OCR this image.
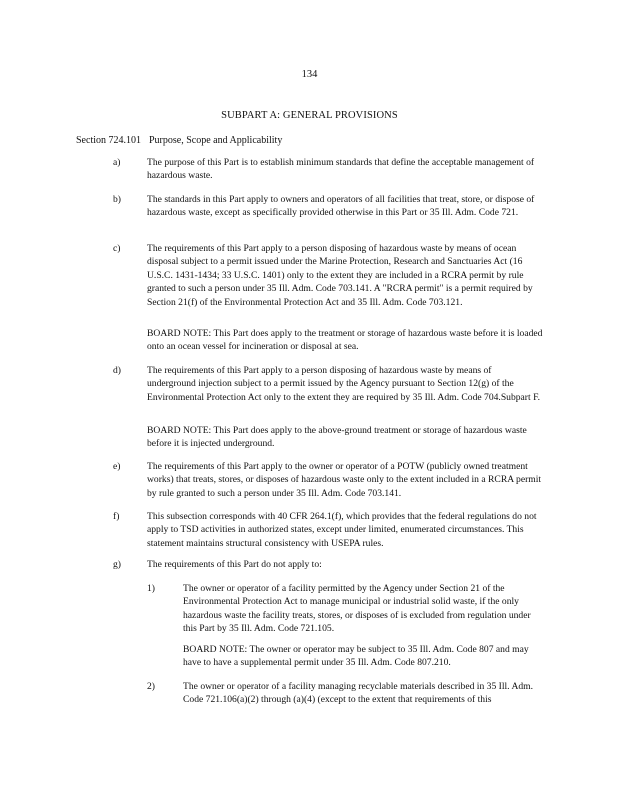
134
SUBPART A: GENERAL PROVISIONS
Section 724.101 Purpose, Scope and Applicability
a)	The purpose of this Part is to establish minimum standards that define the acceptable management of hazardous waste.
b)	The standards in this Part apply to owners and operators of all facilities that treat, store, or dispose of hazardous waste, except as specifically provided otherwise in this Part or 35 Ill. Adm. Code 721.
c)	The requirements of this Part apply to a person disposing of hazardous waste by means of ocean disposal subject to a permit issued under the Marine Protection, Research and Sanctuaries Act (16 U.S.C. 1431-1434; 33 U.S.C. 1401) only to the extent they are included in a RCRA permit by rule granted to such a person under 35 Ill. Adm. Code 703.141. A "RCRA permit" is a permit required by Section 21(f) of the Environmental Protection Act and 35 Ill. Adm. Code 703.121.
BOARD NOTE: This Part does apply to the treatment or storage of hazardous waste before it is loaded onto an ocean vessel for incineration or disposal at sea.
d)	The requirements of this Part apply to a person disposing of hazardous waste by means of underground injection subject to a permit issued by the Agency pursuant to Section 12(g) of the Environmental Protection Act only to the extent they are required by 35 Ill. Adm. Code 704.Subpart F.
BOARD NOTE: This Part does apply to the above-ground treatment or storage of hazardous waste before it is injected underground.
e)	The requirements of this Part apply to the owner or operator of a POTW (publicly owned treatment works) that treats, stores, or disposes of hazardous waste only to the extent included in a RCRA permit by rule granted to such a person under 35 Ill. Adm. Code 703.141.
f)	This subsection corresponds with 40 CFR 264.1(f), which provides that the federal regulations do not apply to TSD activities in authorized states, except under limited, enumerated circumstances. This statement maintains structural consistency with USEPA rules.
g)	The requirements of this Part do not apply to:
1)	The owner or operator of a facility permitted by the Agency under Section 21 of the Environmental Protection Act to manage municipal or industrial solid waste, if the only hazardous waste the facility treats, stores, or disposes of is excluded from regulation under this Part by 35 Ill. Adm. Code 721.105.
BOARD NOTE: The owner or operator may be subject to 35 Ill. Adm. Code 807 and may have to have a supplemental permit under 35 Ill. Adm. Code 807.210.
2)	The owner or operator of a facility managing recyclable materials described in 35 Ill. Adm. Code 721.106(a)(2) through (a)(4) (except to the extent that requirements of this
